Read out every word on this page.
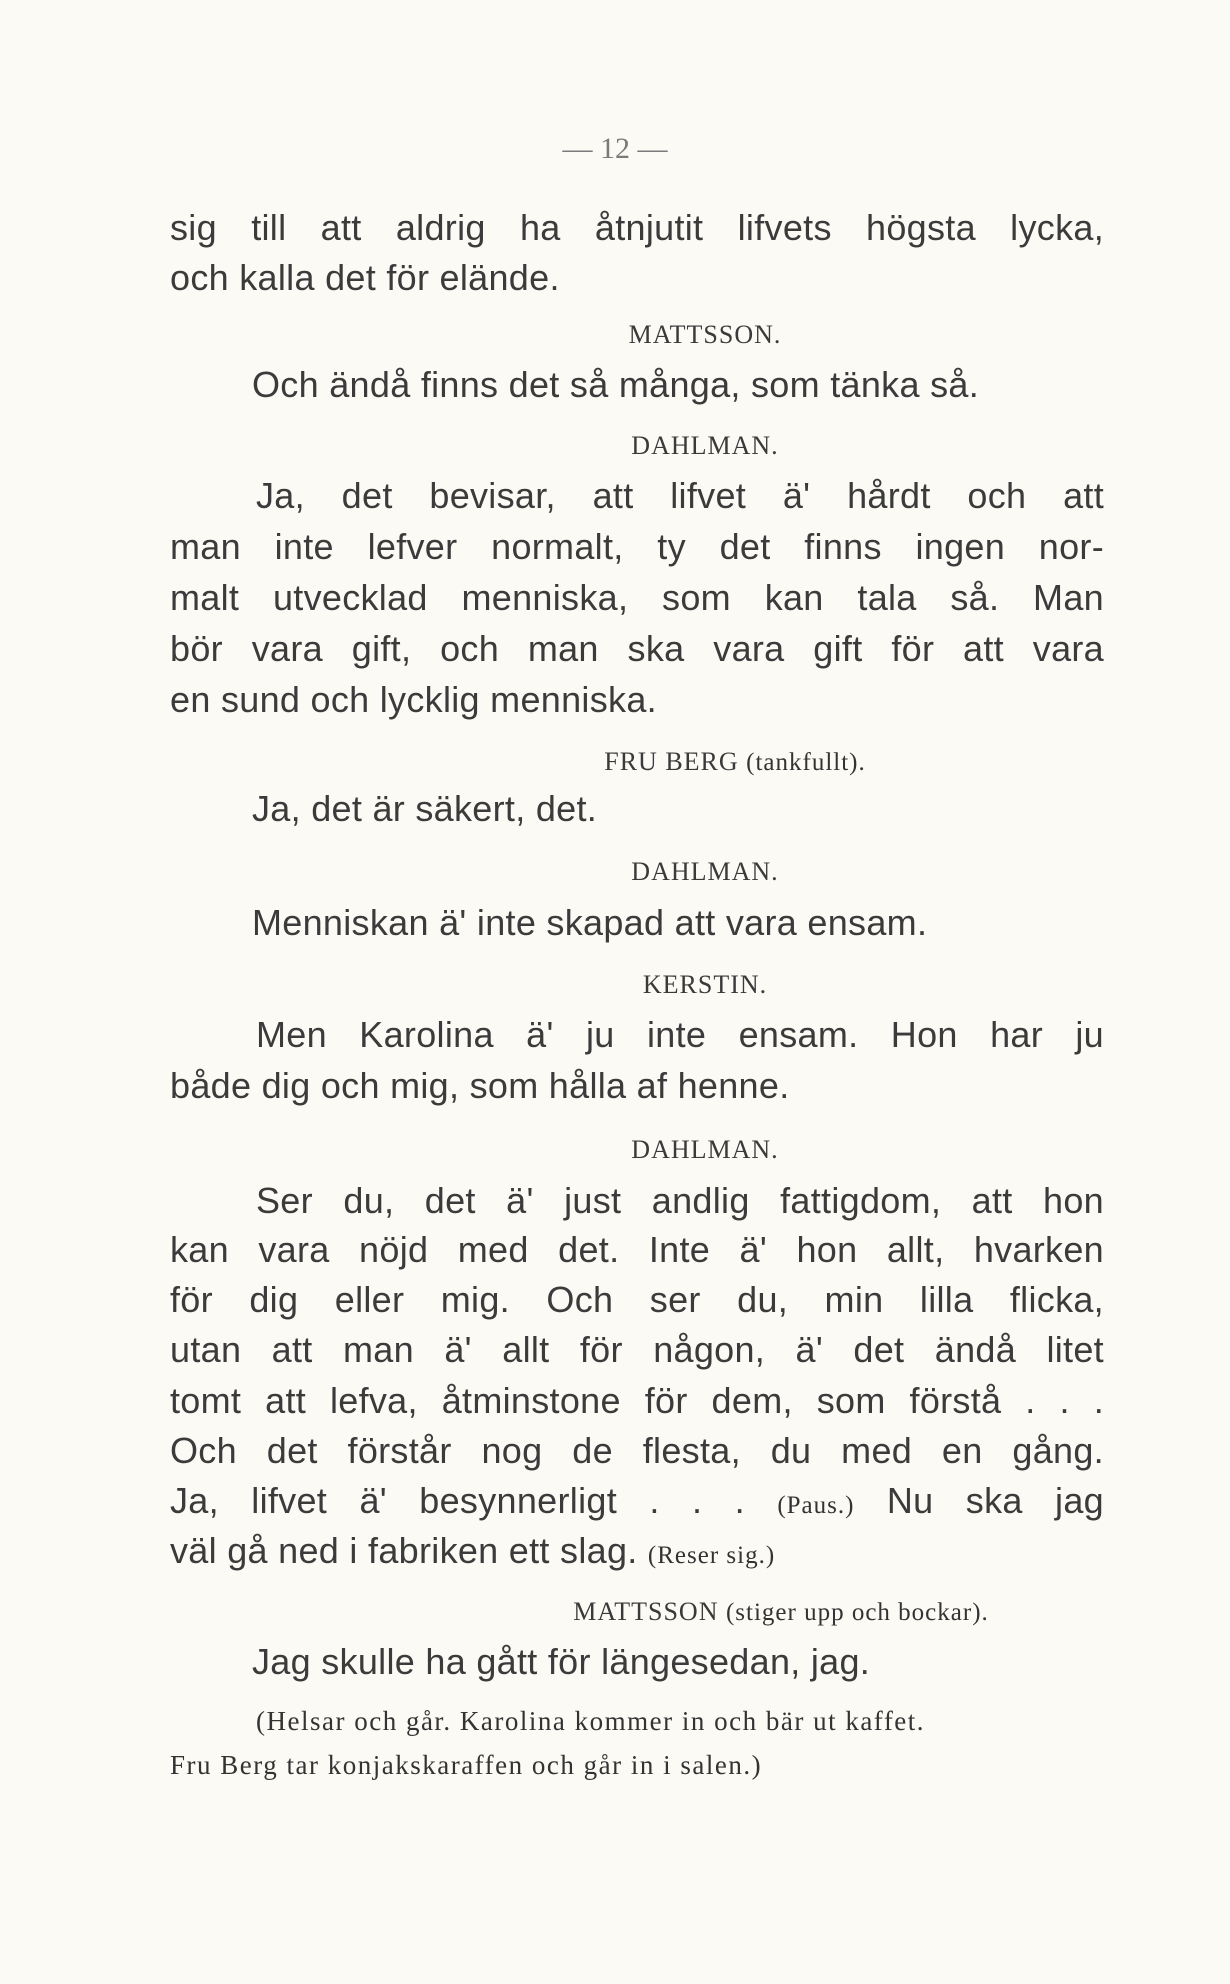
— 12 —
sig till att aldrig ha åtnjutit lifvets högsta lycka,
och kalla det för elände.
MATTSSON.
Och ändå finns det så många, som tänka så.
DAHLMAN.
Ja, det bevisar, att lifvet ä' hårdt och att
man inte lefver normalt, ty det finns ingen nor-
malt utvecklad menniska, som kan tala så. Man
bör vara gift, och man ska vara gift för att vara
en sund och lycklig menniska.
FRU BERG (tankfullt).
Ja, det är säkert, det.
DAHLMAN.
Menniskan ä' inte skapad att vara ensam.
KERSTIN.
Men Karolina ä' ju inte ensam. Hon har ju
både dig och mig, som hålla af henne.
DAHLMAN.
Ser du, det ä' just andlig fattigdom, att hon
kan vara nöjd med det. Inte ä' hon allt, hvarken
för dig eller mig. Och ser du, min lilla flicka,
utan att man ä' allt för någon, ä' det ändå litet
tomt att lefva, åtminstone för dem, som förstå . . .
Och det förstår nog de flesta, du med en gång.
Ja, lifvet ä' besynnerligt . . . (Paus.) Nu ska jag
väl gå ned i fabriken ett slag. (Reser sig.)
MATTSSON (stiger upp och bockar).
Jag skulle ha gått för längesedan, jag.
(Helsar och går. Karolina kommer in och bär ut kaffet.
Fru Berg tar konjakskaraffen och går in i salen.)
